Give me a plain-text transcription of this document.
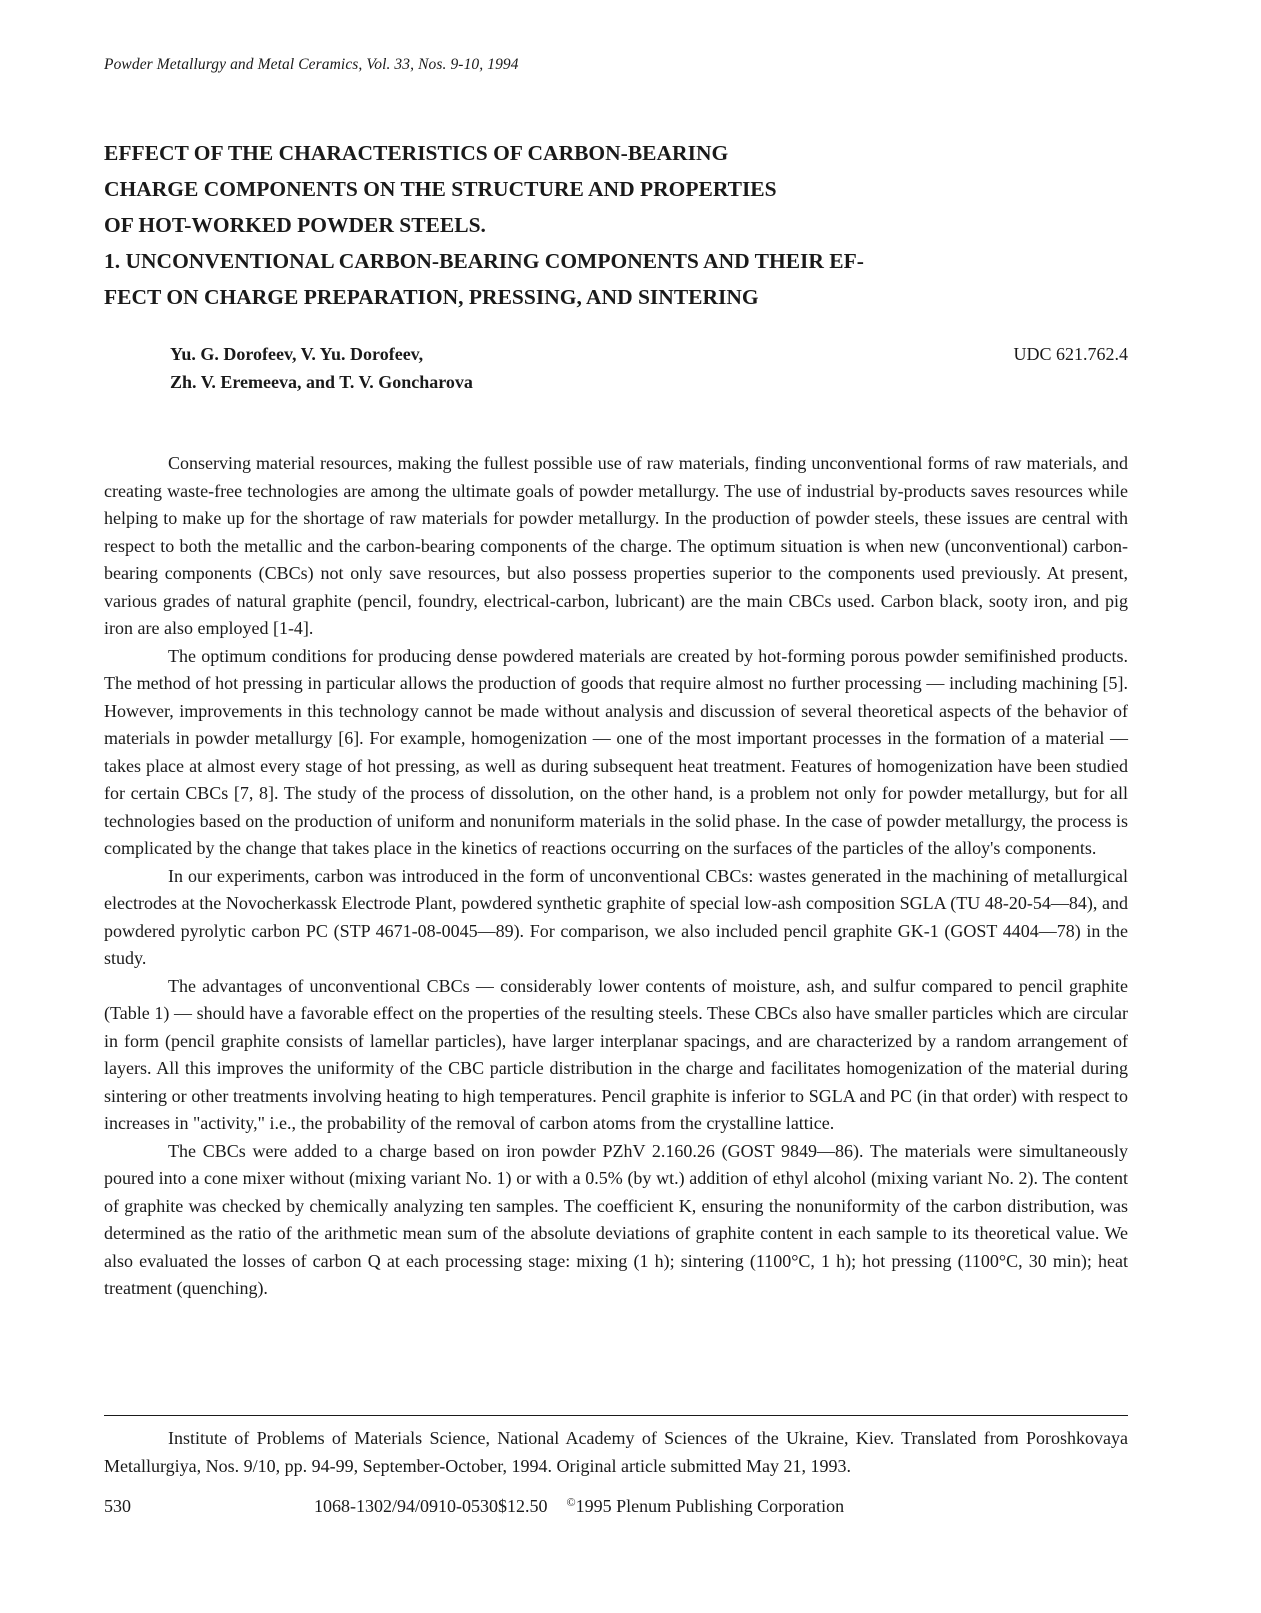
Powder Metallurgy and Metal Ceramics, Vol. 33, Nos. 9-10, 1994
EFFECT OF THE CHARACTERISTICS OF CARBON-BEARING
CHARGE COMPONENTS ON THE STRUCTURE AND PROPERTIES
OF HOT-WORKED POWDER STEELS.
1. UNCONVENTIONAL CARBON-BEARING COMPONENTS AND THEIR EF-
FECT ON CHARGE PREPARATION, PRESSING, AND SINTERING
Yu. G. Dorofeev, V. Yu. Dorofeev,
Zh. V. Eremeeva, and T. V. Goncharova
UDC 621.762.4

Conserving material resources, making the fullest possible use of raw materials, finding unconventional forms of raw materials, and creating waste-free technologies are among the ultimate goals of powder metallurgy. The use of industrial by-products saves resources while helping to make up for the shortage of raw materials for powder metallurgy. In the production of powder steels, these issues are central with respect to both the metallic and the carbon-bearing components of the charge. The optimum situation is when new (unconventional) carbon-bearing components (CBCs) not only save resources, but also possess properties superior to the components used previously. At present, various grades of natural graphite (pencil, foundry, electrical-carbon, lubricant) are the main CBCs used. Carbon black, sooty iron, and pig iron are also employed [1-4].

The optimum conditions for producing dense powdered materials are created by hot-forming porous powder semifinished products. The method of hot pressing in particular allows the production of goods that require almost no further processing — including machining [5]. However, improvements in this technology cannot be made without analysis and discussion of several theoretical aspects of the behavior of materials in powder metallurgy [6]. For example, homogenization — one of the most important processes in the formation of a material — takes place at almost every stage of hot pressing, as well as during subsequent heat treatment. Features of homogenization have been studied for certain CBCs [7, 8]. The study of the process of dissolution, on the other hand, is a problem not only for powder metallurgy, but for all technologies based on the production of uniform and nonuniform materials in the solid phase. In the case of powder metallurgy, the process is complicated by the change that takes place in the kinetics of reactions occurring on the surfaces of the particles of the alloy's components.

In our experiments, carbon was introduced in the form of unconventional CBCs: wastes generated in the machining of metallurgical electrodes at the Novocherkassk Electrode Plant, powdered synthetic graphite of special low-ash composition SGLA (TU 48-20-54—84), and powdered pyrolytic carbon PC (STP 4671-08-0045—89). For comparison, we also included pencil graphite GK-1 (GOST 4404—78) in the study.

The advantages of unconventional CBCs — considerably lower contents of moisture, ash, and sulfur compared to pencil graphite (Table 1) — should have a favorable effect on the properties of the resulting steels. These CBCs also have smaller particles which are circular in form (pencil graphite consists of lamellar particles), have larger interplanar spacings, and are characterized by a random arrangement of layers. All this improves the uniformity of the CBC particle distribution in the charge and facilitates homogenization of the material during sintering or other treatments involving heating to high temperatures. Pencil graphite is inferior to SGLA and PC (in that order) with respect to increases in "activity," i.e., the probability of the removal of carbon atoms from the crystalline lattice.

The CBCs were added to a charge based on iron powder PZhV 2.160.26 (GOST 9849—86). The materials were simultaneously poured into a cone mixer without (mixing variant No. 1) or with a 0.5% (by wt.) addition of ethyl alcohol (mixing variant No. 2). The content of graphite was checked by chemically analyzing ten samples. The coefficient K, ensuring the nonuniformity of the carbon distribution, was determined as the ratio of the arithmetic mean sum of the absolute deviations of graphite content in each sample to its theoretical value. We also evaluated the losses of carbon Q at each processing stage: mixing (1 h); sintering (1100°C, 1 h); hot pressing (1100°C, 30 min); heat treatment (quenching).

Institute of Problems of Materials Science, National Academy of Sciences of the Ukraine, Kiev. Translated from Poroshkovaya Metallurgiya, Nos. 9/10, pp. 94-99, September-October, 1994. Original article submitted May 21, 1993.

530	1068-1302/94/0910-0530$12.50 ©1995 Plenum Publishing Corporation
